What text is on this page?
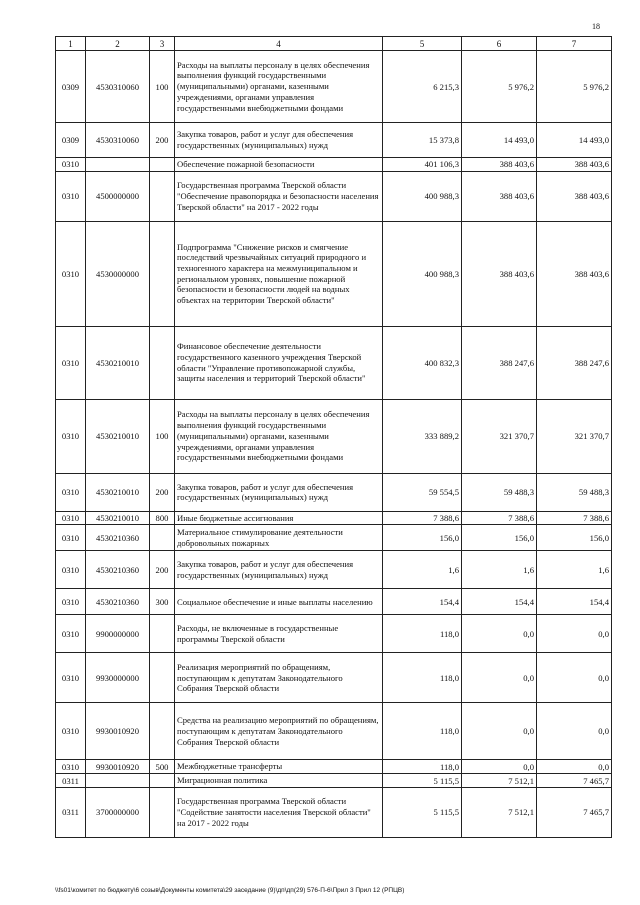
18
1	2	3	4	5	6	7
0309	4530310060	100	Расходы на выплаты персоналу в целях обеспечения выполнения функций государственными (муниципальными) органами, казенными учреждениями, органами управления государственными внебюджетными фондами	6 215,3	5 976,2	5 976,2
0309	4530310060	200	Закупка товаров, работ и услуг для обеспечения государственных (муниципальных) нужд	15 373,8	14 493,0	14 493,0
0310			Обеспечение пожарной безопасности	401 106,3	388 403,6	388 403,6
0310	4500000000		Государственная программа Тверской области "Обеспечение правопорядка и безопасности населения Тверской области" на 2017 - 2022 годы	400 988,3	388 403,6	388 403,6
0310	4530000000		Подпрограмма "Снижение рисков и смягчение последствий чрезвычайных ситуаций природного и техногенного характера на межмуниципальном и региональном уровнях, повышение пожарной безопасности и безопасности людей на водных объектах на территории Тверской области"	400 988,3	388 403,6	388 403,6
0310	4530210010		Финансовое обеспечение деятельности государственного казенного учреждения Тверской области "Управление противопожарной службы, защиты населения и территорий Тверской области"	400 832,3	388 247,6	388 247,6
0310	4530210010	100	Расходы на выплаты персоналу в целях обеспечения выполнения функций государственными (муниципальными) органами, казенными учреждениями, органами управления государственными внебюджетными фондами	333 889,2	321 370,7	321 370,7
0310	4530210010	200	Закупка товаров, работ и услуг для обеспечения государственных (муниципальных) нужд	59 554,5	59 488,3	59 488,3
0310	4530210010	800	Иные бюджетные ассигнования	7 388,6	7 388,6	7 388,6
0310	4530210360		Материальное стимулирование деятельности добровольных пожарных	156,0	156,0	156,0
0310	4530210360	200	Закупка товаров, работ и услуг для обеспечения государственных (муниципальных) нужд	1,6	1,6	1,6
0310	4530210360	300	Социальное обеспечение и иные выплаты населению	154,4	154,4	154,4
0310	9900000000		Расходы, не включенные в государственные программы Тверской области	118,0	0,0	0,0
0310	9930000000		Реализация мероприятий по обращениям, поступающим к депутатам Законодательного Собрания Тверской области	118,0	0,0	0,0
0310	9930010920		Средства на реализацию мероприятий по обращениям, поступающим к депутатам Законодательного Собрания Тверской области	118,0	0,0	0,0
0310	9930010920	500	Межбюджетные трансферты	118,0	0,0	0,0
0311			Миграционная политика	5 115,5	7 512,1	7 465,7
0311	3700000000		Государственная программа Тверской области "Содействие занятости населения Тверской области" на 2017 - 2022 годы	5 115,5	7 512,1	7 465,7
\\fs01\комитет по бюджету\6 созыв\Документы комитета\29 заседание (9)\дп\дп(29) 576-П-6\Прил 3 Прил 12 (РПЦВ)
